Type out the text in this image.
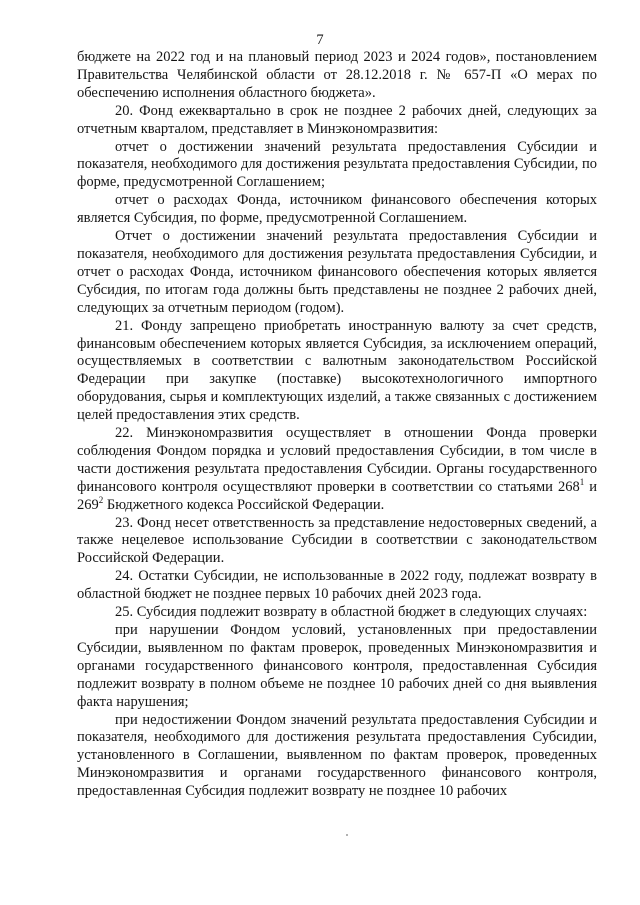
7

бюджете на 2022 год и на плановый период 2023 и 2024 годов», постановлением Правительства Челябинской области от 28.12.2018 г. № 657-П «О мерах по обеспечению исполнения областного бюджета».

20. Фонд ежеквартально в срок не позднее 2 рабочих дней, следующих за отчетным кварталом, представляет в Минэкономразвития:

отчет о достижении значений результата предоставления Субсидии и показателя, необходимого для достижения результата предоставления Субсидии, по форме, предусмотренной Соглашением;

отчет о расходах Фонда, источником финансового обеспечения которых является Субсидия, по форме, предусмотренной Соглашением.

Отчет о достижении значений результата предоставления Субсидии и показателя, необходимого для достижения результата предоставления Субсидии, и отчет о расходах Фонда, источником финансового обеспечения которых является Субсидия, по итогам года должны быть представлены не позднее 2 рабочих дней, следующих за отчетным периодом (годом).

21. Фонду запрещено приобретать иностранную валюту за счет средств, финансовым обеспечением которых является Субсидия, за исключением операций, осуществляемых в соответствии с валютным законодательством Российской Федерации при закупке (поставке) высокотехнологичного импортного оборудования, сырья и комплектующих изделий, а также связанных с достижением целей предоставления этих средств.

22. Минэкономразвития осуществляет в отношении Фонда проверки соблюдения Фондом порядка и условий предоставления Субсидии, в том числе в части достижения результата предоставления Субсидии. Органы государственного финансового контроля осуществляют проверки в соответствии со статьями $268^1$ и $269^2$ Бюджетного кодекса Российской Федерации.

23. Фонд несет ответственность за представление недостоверных сведений, а также нецелевое использование Субсидии в соответствии с законодательством Российской Федерации.

24. Остатки Субсидии, не использованные в 2022 году, подлежат возврату в областной бюджет не позднее первых 10 рабочих дней 2023 года.

25. Субсидия подлежит возврату в областной бюджет в следующих случаях:

при нарушении Фондом условий, установленных при предоставлении Субсидии, выявленном по фактам проверок, проведенных Минэкономразвития и органами государственного финансового контроля, предоставленная Субсидия подлежит возврату в полном объеме не позднее 10 рабочих дней со дня выявления факта нарушения;

при недостижении Фондом значений результата предоставления Субсидии и показателя, необходимого для достижения результата предоставления Субсидии, установленного в Соглашении, выявленном по фактам проверок, проведенных Минэкономразвития и органами государственного финансового контроля, предоставленная Субсидия подлежит возврату не позднее 10 рабочих
